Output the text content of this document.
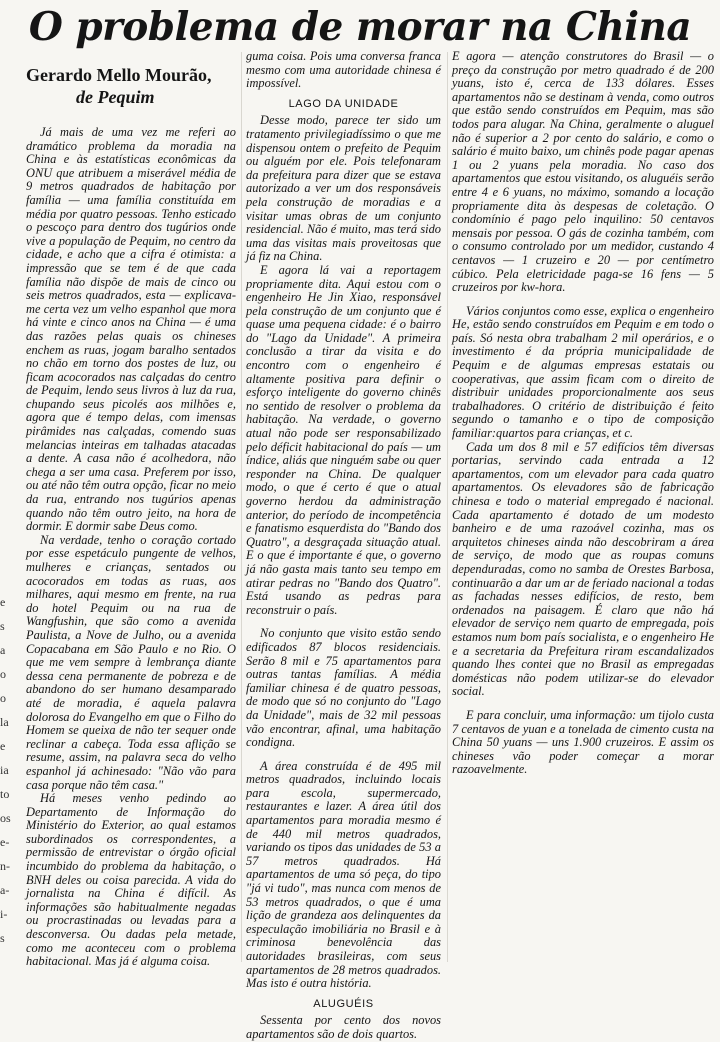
O problema de morar na China
Gerardo Mello Mourão,
de Pequim

Já mais de uma vez me referi ao dramático problema da moradia na China e às estatísticas econômicas da ONU que atribuem a miserável média de 9 metros quadrados de habitação por família — uma família constituída em média por quatro pessoas. Tenho esticado o pescoço para dentro dos tugúrios onde vive a população de Pequim, no centro da cidade, e acho que a cifra é otimista: a impressão que se tem é de que cada família não dispõe de mais de cinco ou seis metros quadrados, esta — explicava-me certa vez um velho espanhol que mora há vinte e cinco anos na China — é uma das razões pelas quais os chineses enchem as ruas, jogam baralho sentados no chão em torno dos postes de luz, ou ficam acocorados nas calçadas do centro de Pequim, lendo seus livros à luz da rua, chupando seus picolés aos milhões e, agora que é tempo delas, com imensas pirâmides nas calçadas, comendo suas melancias inteiras em talhadas atacadas a dente. A casa não é acolhedora, não chega a ser uma casa. Preferem por isso, ou até não têm outra opção, ficar no meio da rua, entrando nos tugúrios apenas quando não têm outro jeito, na hora de dormir. E dormir sabe Deus como.

Na verdade, tenho o coração cortado por esse espetáculo pungente de velhos, mulheres e crianças, sentados ou acocorados em todas as ruas, aos milhares, aqui mesmo em frente, na rua do hotel Pequim ou na rua de Wangfushin, que são como a avenida Paulista, a Nove de Julho, ou a avenida Copacabana em São Paulo e no Rio. O que me vem sempre à lembrança diante dessa cena permanente de pobreza e de abandono do ser humano desamparado até de moradia, é aquela palavra dolorosa do Evangelho em que o Filho do Homem se queixa de não ter sequer onde reclinar a cabeça. Toda essa aflição se resume, assim, na palavra seca do velho espanhol já achinesado: "Não vão para casa porque não têm casa."

Há meses venho pedindo ao Departamento de Informação do Ministério do Exterior, ao qual estamos subordinados os correspondentes, a permissão de entrevistar o órgão oficial incumbido do problema da habitação, o BNH deles ou coisa parecida. A vida do jornalista na China é difícil. As informações são habitualmente negadas ou procrastinadas ou levadas para a desconversa. Ou dadas pela metade, como me aconteceu com o problema habitacional. Mas já é alguma coisa.

guma coisa. Pois uma conversa franca mesmo com uma autoridade chinesa é impossível.

LAGO DA UNIDADE

Desse modo, parece ter sido um tratamento privilegiadíssimo o que me dispensou ontem o prefeito de Pequim ou alguém por ele. Pois telefonaram da prefeitura para dizer que se estava autorizado a ver um dos responsáveis pela construção de moradias e a visitar umas obras de um conjunto residencial. Não é muito, mas terá sido uma das visitas mais proveitosas que já fiz na China.

E agora lá vai a reportagem propriamente dita. Aqui estou com o engenheiro He Jin Xiao, responsável pela construção de um conjunto que é quase uma pequena cidade: é o bairro do "Lago da Unidade". A primeira conclusão a tirar da visita e do encontro com o engenheiro é altamente positiva para definir o esforço inteligente do governo chinês no sentido de resolver o problema da habitação. Na verdade, o governo atual não pode ser responsabilizado pelo déficit habitacional do país — um índice, aliás que ninguém sabe ou quer responder na China. De qualquer modo, o que é certo é que o atual governo herdou da administração anterior, do período de incompetência e fanatismo esquerdista do "Bando dos Quatro", a desgraçada situação atual. E o que é importante é que, o governo já não gasta mais tanto seu tempo em atirar pedras no "Bando dos Quatro". Está usando as pedras para reconstruir o país.

No conjunto que visito estão sendo edificados 87 blocos residenciais. Serão 8 mil e 75 apartamentos para outras tantas famílias. A média familiar chinesa é de quatro pessoas, de modo que só no conjunto do "Lago da Unidade", mais de 32 mil pessoas vão encontrar, afinal, uma habitação condigna.

A área construída é de 495 mil metros quadrados, incluindo locais para escola, supermercado, restaurantes e lazer. A área útil dos apartamentos para moradia mesmo é de 440 mil metros quadrados, variando os tipos das unidades de 53 a 57 metros quadrados. Há apartamentos de uma só peça, do tipo "já vi tudo", mas nunca com menos de 53 metros quadrados, o que é uma lição de grandeza aos delinquentes da especulação imobiliária no Brasil e à criminosa benevolência das autoridades brasileiras, com seus apartamentos de 28 metros quadrados. Mas isto é outra história.

ALUGUÉIS

Sessenta por cento dos novos apartamentos são de dois quartos.

E agora — atenção construtores do Brasil — o preço da construção por metro quadrado é de 200 yuans, isto é, cerca de 133 dólares. Esses apartamentos não se destinam à venda, como outros que estão sendo construídos em Pequim, mas são todos para alugar. Na China, geralmente o aluguel não é superior a 2 por cento do salário, e como o salário é muito baixo, um chinês pode pagar apenas 1 ou 2 yuans pela moradia. No caso dos apartamentos que estou visitando, os aluguéis serão entre 4 e 6 yuans, no máximo, somando a locação propriamente dita às despesas de coletação. O condomínio é pago pelo inquilino: 50 centavos mensais por pessoa. O gás de cozinha também, com o consumo controlado por um medidor, custando 4 centavos — 1 cruzeiro e 20 — por centímetro cúbico. Pela eletricidade paga-se 16 fens — 5 cruzeiros por kw-hora.

Vários conjuntos como esse, explica o engenheiro He, estão sendo construídos em Pequim e em todo o país. Só nesta obra trabalham 2 mil operários, e o investimento é da própria municipalidade de Pequim e de algumas empresas estatais ou cooperativas, que assim ficam com o direito de distribuir unidades proporcionalmente aos seus trabalhadores. O critério de distribuição é feito segundo o tamanho e o tipo de composição familiar:quartos para crianças, et c.

Cada um dos 8 mil e 57 edifícios têm diversas portarias, servindo cada entrada a 12 apartamentos, com um elevador para cada quatro apartamentos. Os elevadores são de fabricação chinesa e todo o material empregado é nacional. Cada apartamento é dotado de um modesto banheiro e de uma razoável cozinha, mas os arquitetos chineses ainda não descobriram a área de serviço, de modo que as roupas comuns dependuradas, como no samba de Orestes Barbosa, continuarão a dar um ar de feriado nacional a todas as fachadas nesses edifícios, de resto, bem ordenados na paisagem. É claro que não há elevador de serviço nem quarto de empregada, pois estamos num bom país socialista, e o engenheiro He e a secretaria da Prefeitura riram escandalizados quando lhes contei que no Brasil as empregadas domésticas não podem utilizar-se do elevador social.

E para concluir, uma informação: um tijolo custa 7 centavos de yuan e a tonelada de cimento custa na China 50 yuans — uns 1.900 cruzeiros. E assim os chineses vão poder começar a morar razoavelmente.

e
s
a
o
o
la
e
ia
to
os
e-
n-
a-
i-
s
